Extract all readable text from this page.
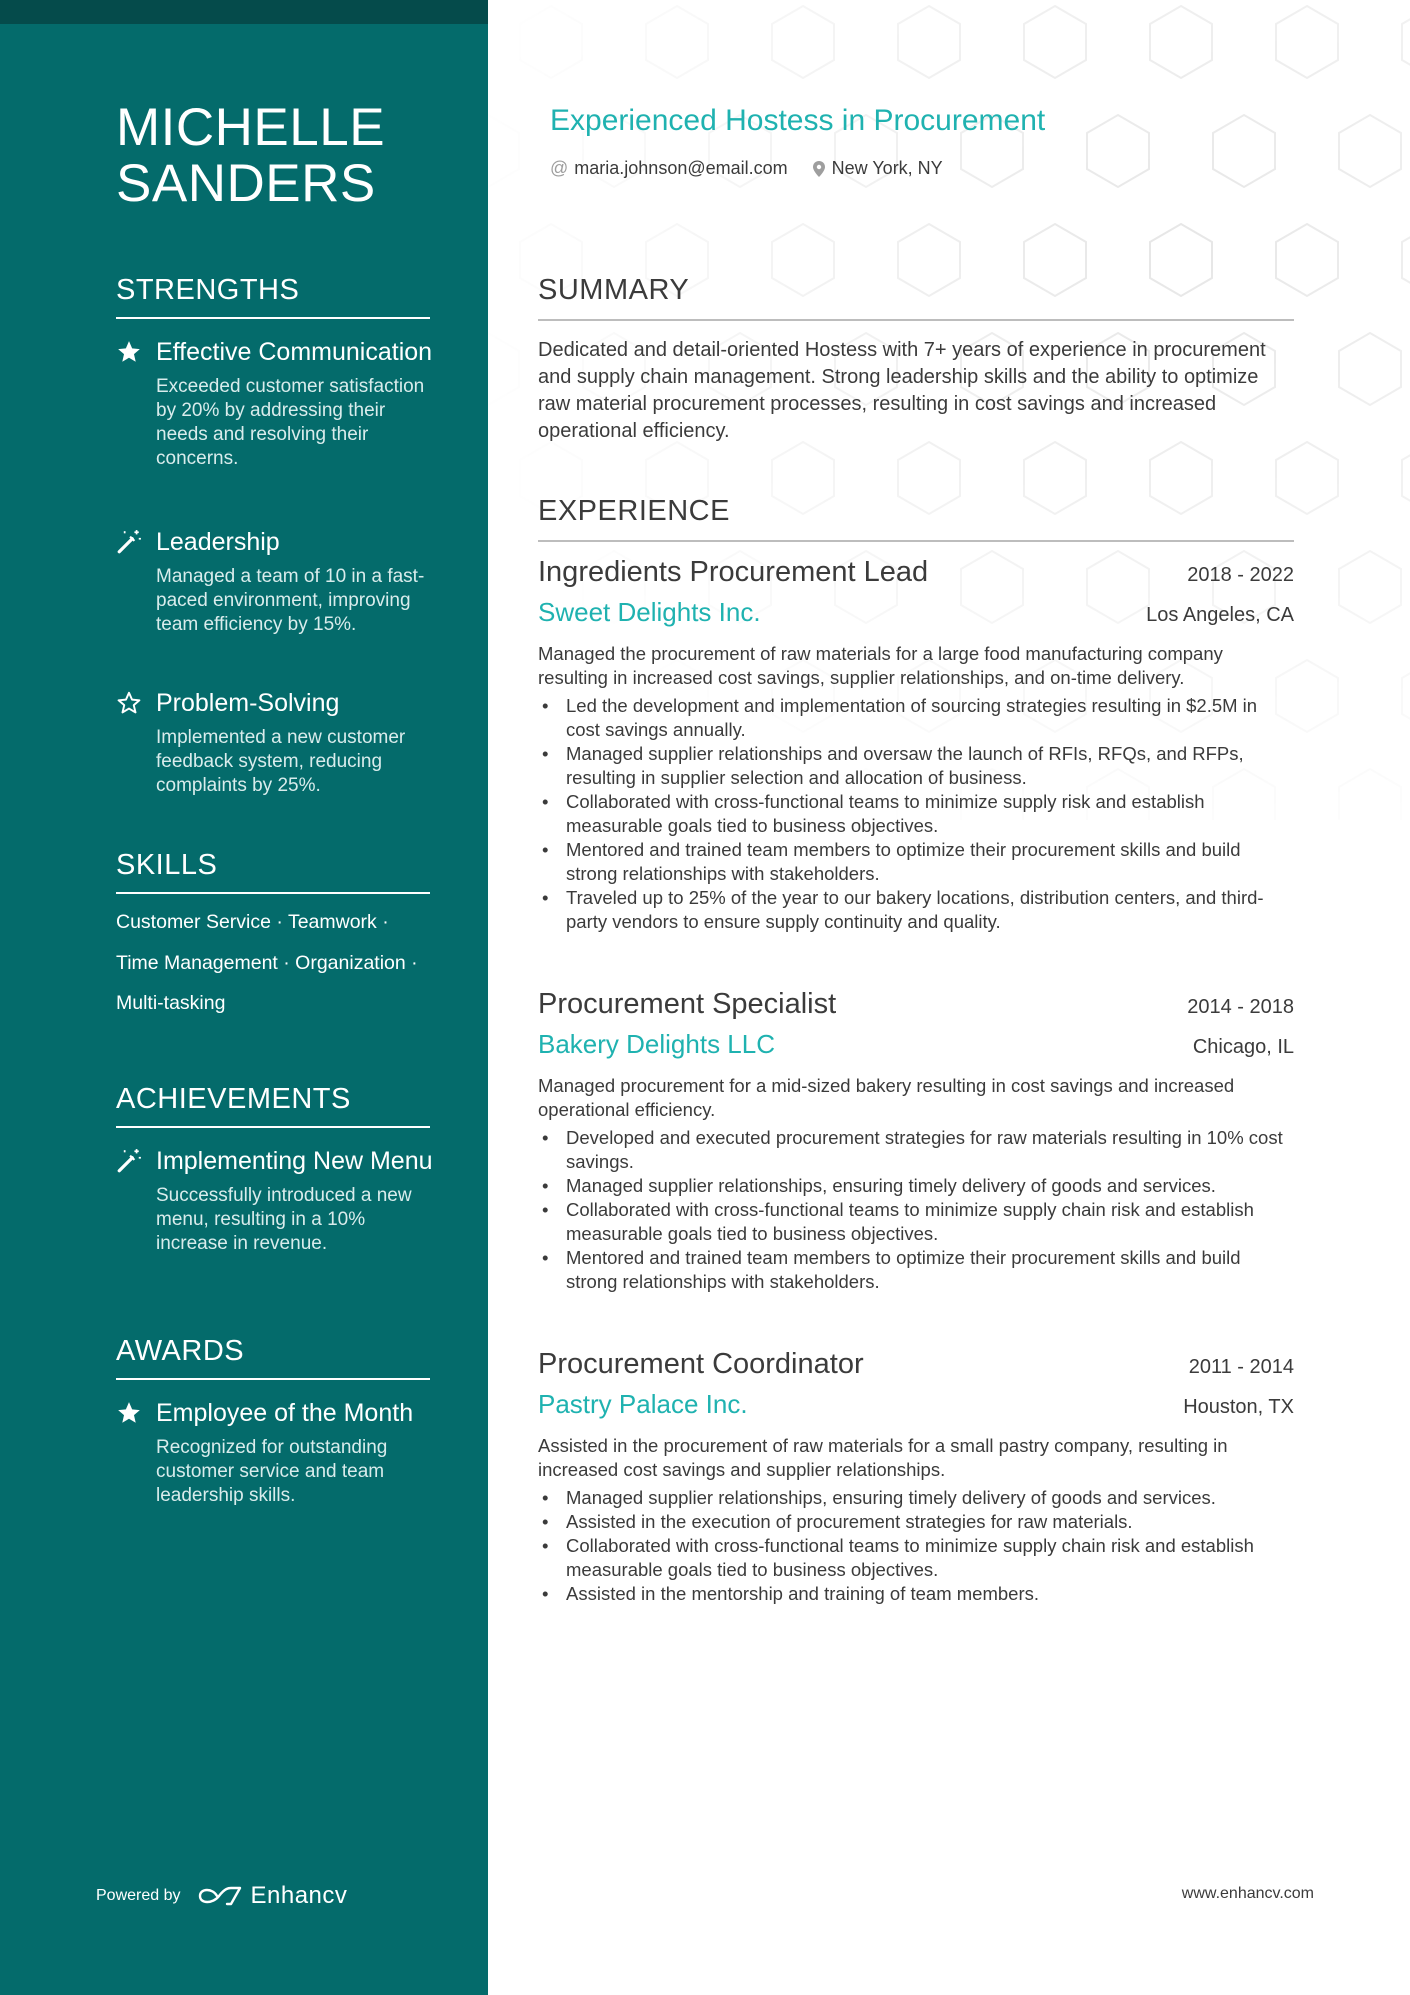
MICHELLE
SANDERS
STRENGTHS
Effective Communication
Exceeded customer satisfaction by 20% by addressing their needs and resolving their concerns.
Leadership
Managed a team of 10 in a fast-paced environment, improving team efficiency by 15%.
Problem-Solving
Implemented a new customer feedback system, reducing complaints by 25%.
SKILLS
Customer Service · Teamwork ·
Time Management · Organization ·
Multi-tasking
ACHIEVEMENTS
Implementing New Menu
Successfully introduced a new menu, resulting in a 10% increase in revenue.
AWARDS
Employee of the Month
Recognized for outstanding customer service and team leadership skills.
Powered by	Enhancv
Experienced Hostess in Procurement
@ maria.johnson@email.com New York, NY
SUMMARY

Dedicated and detail-oriented Hostess with 7+ years of experience in procurement and supply chain management. Strong leadership skills and the ability to optimize raw material procurement processes, resulting in cost savings and increased operational efficiency.

EXPERIENCE
Ingredients Procurement Lead	2018 - 2022
Sweet Delights Inc.	Los Angeles, CA
Managed the procurement of raw materials for a large food manufacturing company resulting in increased cost savings, supplier relationships, and on-time delivery.
• Led the development and implementation of sourcing strategies resulting in $2.5M in cost savings annually.
• Managed supplier relationships and oversaw the launch of RFIs, RFQs, and RFPs, resulting in supplier selection and allocation of business.
• Collaborated with cross-functional teams to minimize supply risk and establish measurable goals tied to business objectives.
• Mentored and trained team members to optimize their procurement skills and build strong relationships with stakeholders.
• Traveled up to 25% of the year to our bakery locations, distribution centers, and third-party vendors to ensure supply continuity and quality.
Procurement Specialist	2014 - 2018
Bakery Delights LLC	Chicago, IL
Managed procurement for a mid-sized bakery resulting in cost savings and increased operational efficiency.
• Developed and executed procurement strategies for raw materials resulting in 10% cost savings.
• Managed supplier relationships, ensuring timely delivery of goods and services.
• Collaborated with cross-functional teams to minimize supply chain risk and establish measurable goals tied to business objectives.
• Mentored and trained team members to optimize their procurement skills and build strong relationships with stakeholders.
Procurement Coordinator	2011 - 2014
Pastry Palace Inc.	Houston, TX
Assisted in the procurement of raw materials for a small pastry company, resulting in increased cost savings and supplier relationships.
• Managed supplier relationships, ensuring timely delivery of goods and services.
• Assisted in the execution of procurement strategies for raw materials.
• Collaborated with cross-functional teams to minimize supply chain risk and establish measurable goals tied to business objectives.
• Assisted in the mentorship and training of team members.
www.enhancv.com
